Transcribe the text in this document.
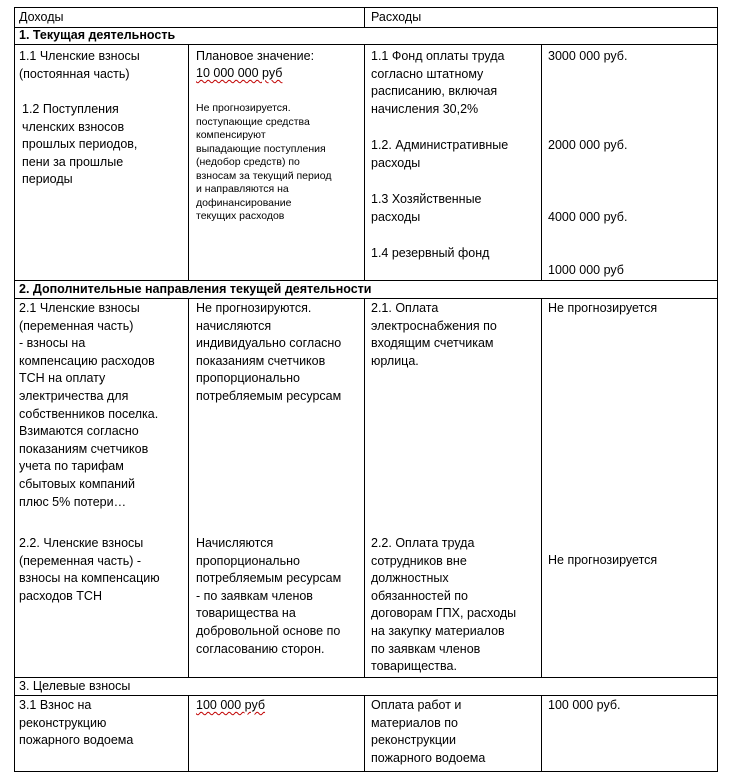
Доходы	Расходы
1. Текущая деятельность
1.1 Членские взносы
(постоянная часть)
1.2 Поступления
членских взносов
прошлых периодов,
пени за прошлые
периоды
Плановое значение:
10 000 000 руб
Не прогнозируется.
поступающие средства
компенсируют
выпадающие поступления
(недобор средств) по
взносам за текущий период
и направляются на
дофинансирование
текущих расходов
1.1 Фонд оплаты труда
согласно штатному
расписанию, включая
начисления 30,2%
1.2. Административные
расходы
1.3 Хозяйственные
расходы
1.4 резервный фонд
3000 000 руб.
2000 000 руб.
4000 000 руб.
1000 000 руб
2. Дополнительные направления текущей деятельности
2.1 Членские взносы
(переменная часть)
- взносы на
компенсацию расходов
ТСН на оплату
электричества для
собственников поселка.
Взимаются согласно
показаниям счетчиков
учета по тарифам
сбытовых компаний
плюс 5% потери…
Не прогнозируются.
начисляются
индивидуально согласно
показаниям счетчиков
пропорционально
потребляемым ресурсам
2.1. Оплата
электроснабжения по
входящим счетчикам
юрлица.
Не прогнозируется
2.2. Членские взносы
(переменная часть) -
взносы на компенсацию
расходов ТСН
Начисляются
пропорционально
потребляемым ресурсам
- по заявкам членов
товарищества на
добровольной основе по
согласованию сторон.
2.2. Оплата труда
сотрудников вне
должностных
обязанностей по
договорам ГПХ, расходы
на закупку материалов
по заявкам членов
товарищества.
Не прогнозируется
3. Целевые взносы
3.1 Взнос на
реконструкцию
пожарного водоема
100 000 руб	Оплата работ и
материалов по
реконструкции
пожарного водоема
100 000 руб.
